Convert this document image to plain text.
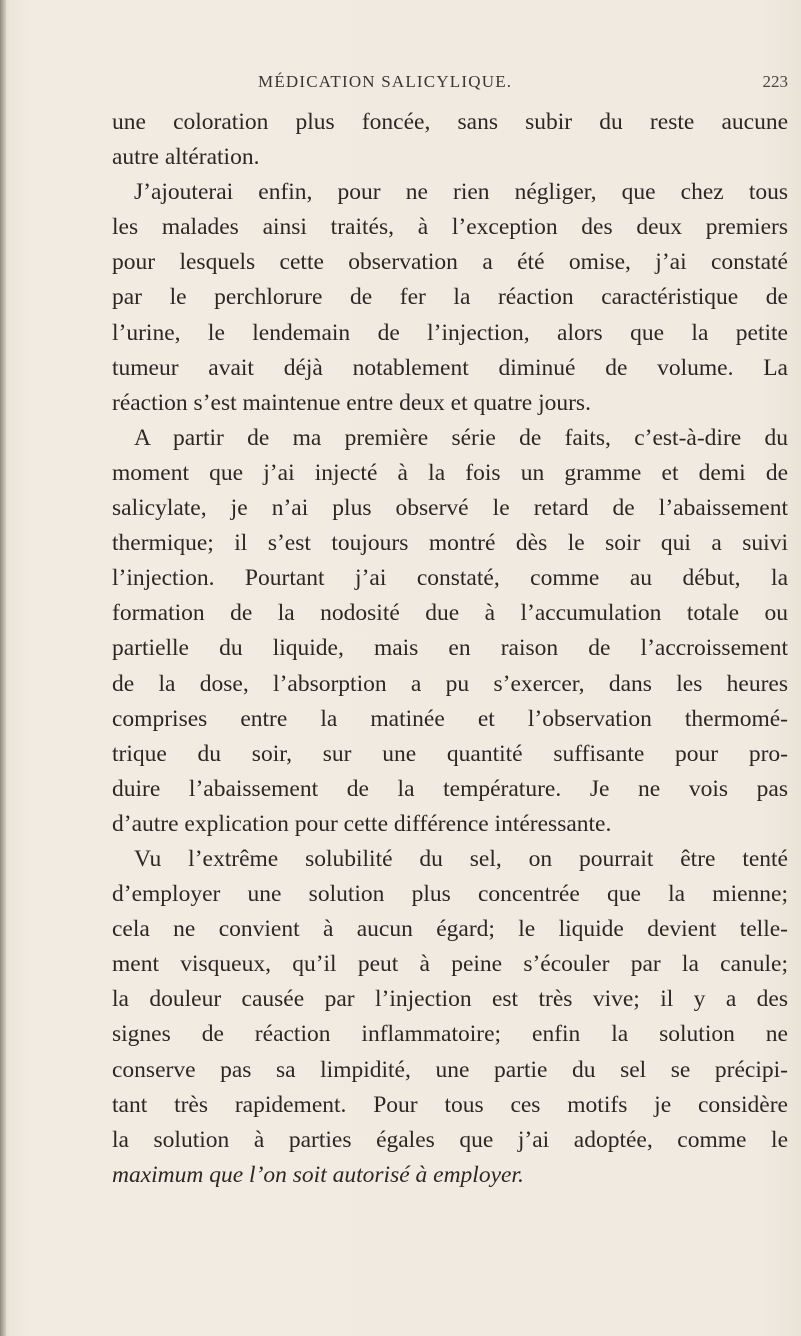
MÉDICATION SALICYLIQUE.	223
une coloration plus foncée, sans subir du reste aucune
autre altération.
J’ajouterai enfin, pour ne rien négliger, que chez tous
les malades ainsi traités, à l’exception des deux premiers
pour lesquels cette observation a été omise, j’ai constaté
par le perchlorure de fer la réaction caractéristique de
l’urine, le lendemain de l’injection, alors que la petite
tumeur avait déjà notablement diminué de volume. La
réaction s’est maintenue entre deux et quatre jours.
A partir de ma première série de faits, c’est-à-dire du
moment que j’ai injecté à la fois un gramme et demi de
salicylate, je n’ai plus observé le retard de l’abaissement
thermique; il s’est toujours montré dès le soir qui a suivi
l’injection. Pourtant j’ai constaté, comme au début, la
formation de la nodosité due à l’accumulation totale ou
partielle du liquide, mais en raison de l’accroissement
de la dose, l’absorption a pu s’exercer, dans les heures
comprises entre la matinée et l’observation thermomé-
trique du soir, sur une quantité suffisante pour pro-
duire l’abaissement de la température. Je ne vois pas
d’autre explication pour cette différence intéressante.
Vu l’extrême solubilité du sel, on pourrait être tenté
d’employer une solution plus concentrée que la mienne;
cela ne convient à aucun égard; le liquide devient telle-
ment visqueux, qu’il peut à peine s’écouler par la canule;
la douleur causée par l’injection est très vive; il y a des
signes de réaction inflammatoire; enfin la solution ne
conserve pas sa limpidité, une partie du sel se précipi-
tant très rapidement. Pour tous ces motifs je considère
la solution à parties égales que j’ai adoptée, comme le
maximum que l’on soit autorisé à employer.
